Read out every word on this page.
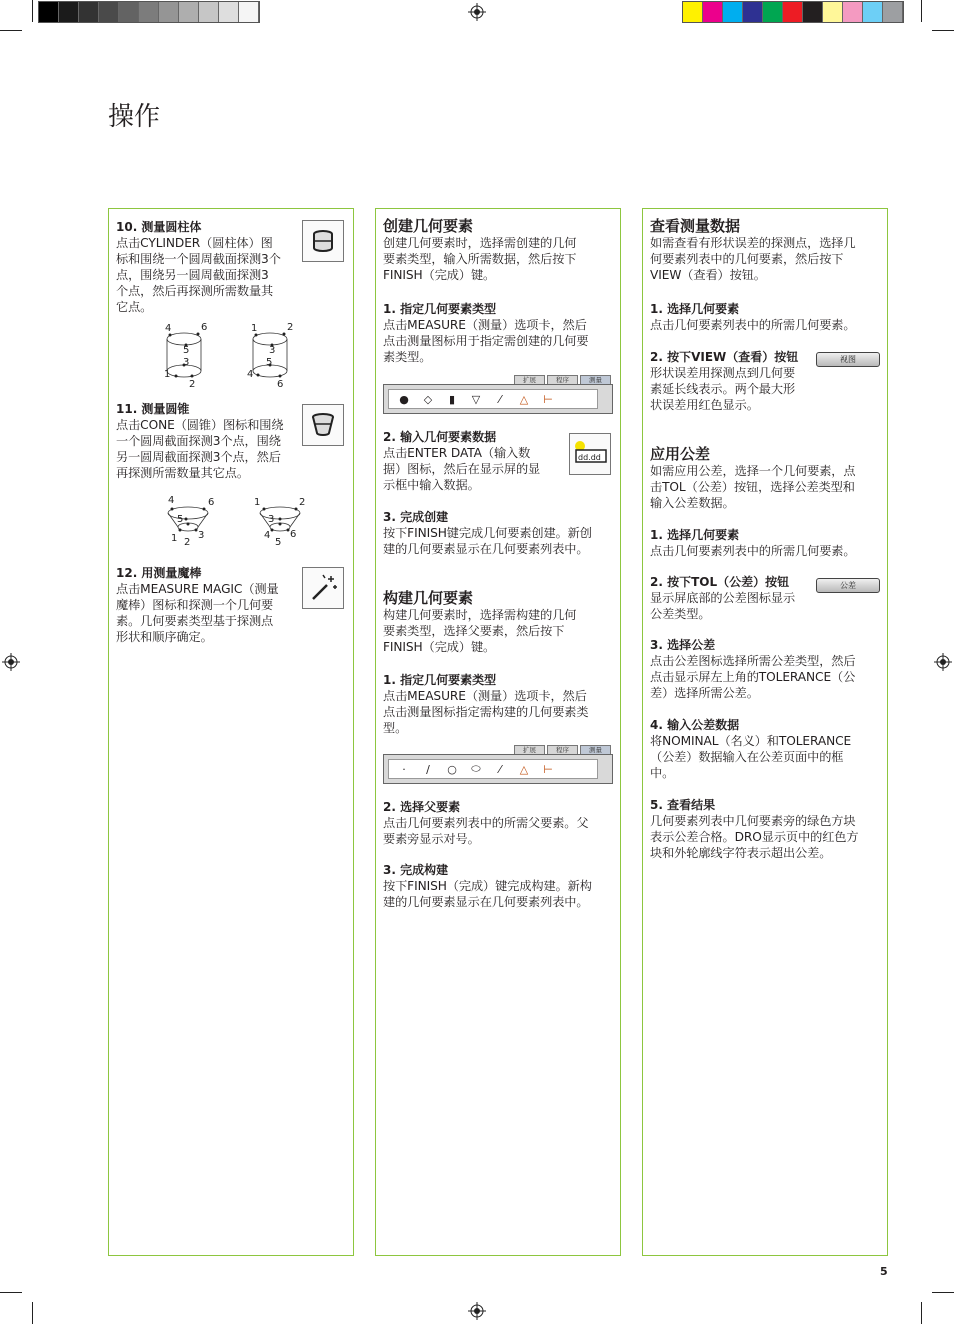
操作

10. 测量圆柱体

点击CYLINDER（圆柱体）图

标和围绕一个圆周截面探测3个

点，围绕另一圆周截面探测3

个点，然后再探测所需数量其

它点。

4	6
5
3
1
2
1	2
3
5
4
6

11. 测量圆锥

点击CONE（圆锥）图标和围绕

一个圆周截面探测3个点，围绕

另一圆周截面探测3个点，然后

再探测所需数量其它点。

4	6
5
1 2
3
1	2
3
4
5
6

12. 用测量魔棒

点击MEASURE MAGIC（测量

魔棒）图标和探测一个几何要

素。几何要素类型基于探测点

形状和顺序确定。

创建几何要素

创建几何要素时，选择需创建的几何

要素类型，输入所需数据，然后按下

FINISH（完成）键。

1. 指定几何要素类型

点击MEASURE（测量）选项卡，然后

点击测量图标用于指定需创建的几何要

素类型。

扩展	程序	测量
●	◇	▮	▽	⁄	△	⊢

2. 输入几何要素数据

点击ENTER DATA（输入数

据）图标，然后在显示屏的显

示框中输入数据。

dd.dd

3. 完成创建

按下FINISH键完成几何要素创建。新创

建的几何要素显示在几何要素列表中。

构建几何要素

构建几何要素时，选择需构建的几何

要素类型，选择父要素，然后按下

FINISH（完成）键。

1. 指定几何要素类型

点击MEASURE（测量）选项卡，然后

点击测量图标指定需构建的几何要素类

型。

扩展	程序	测量
·	∕	○	⬭	⁄	△	⊢

2. 选择父要素

点击几何要素列表中的所需父要素。父

要素旁显示对号。

3. 完成构建

按下FINISH（完成）键完成构建。新构

建的几何要素显示在几何要素列表中。

查看测量数据

如需查看有形状误差的探测点，选择几

何要素列表中的几何要素，然后按下

VIEW（查看）按钮。

1. 选择几何要素

点击几何要素列表中的所需几何要素。

2. 按下VIEW（查看）按钮

形状误差用探测点到几何要

素延长线表示。两个最大形

状误差用红色显示。

视图

应用公差

如需应用公差，选择一个几何要素，点

击TOL（公差）按钮，选择公差类型和

输入公差数据。

1. 选择几何要素

点击几何要素列表中的所需几何要素。

2. 按下TOL（公差）按钮

显示屏底部的公差图标显示

公差类型。

公差

3. 选择公差

点击公差图标选择所需公差类型，然后

点击显示屏左上角的TOLERANCE（公

差）选择所需公差。

4. 输入公差数据

将NOMINAL（名义）和TOLERANCE

（公差）数据输入在公差页面中的框

中。

5. 查看结果

几何要素列表中几何要素旁的绿色方块

表示公差合格。DRO显示页中的红色方

块和外轮廓线字符表示超出公差。

5
